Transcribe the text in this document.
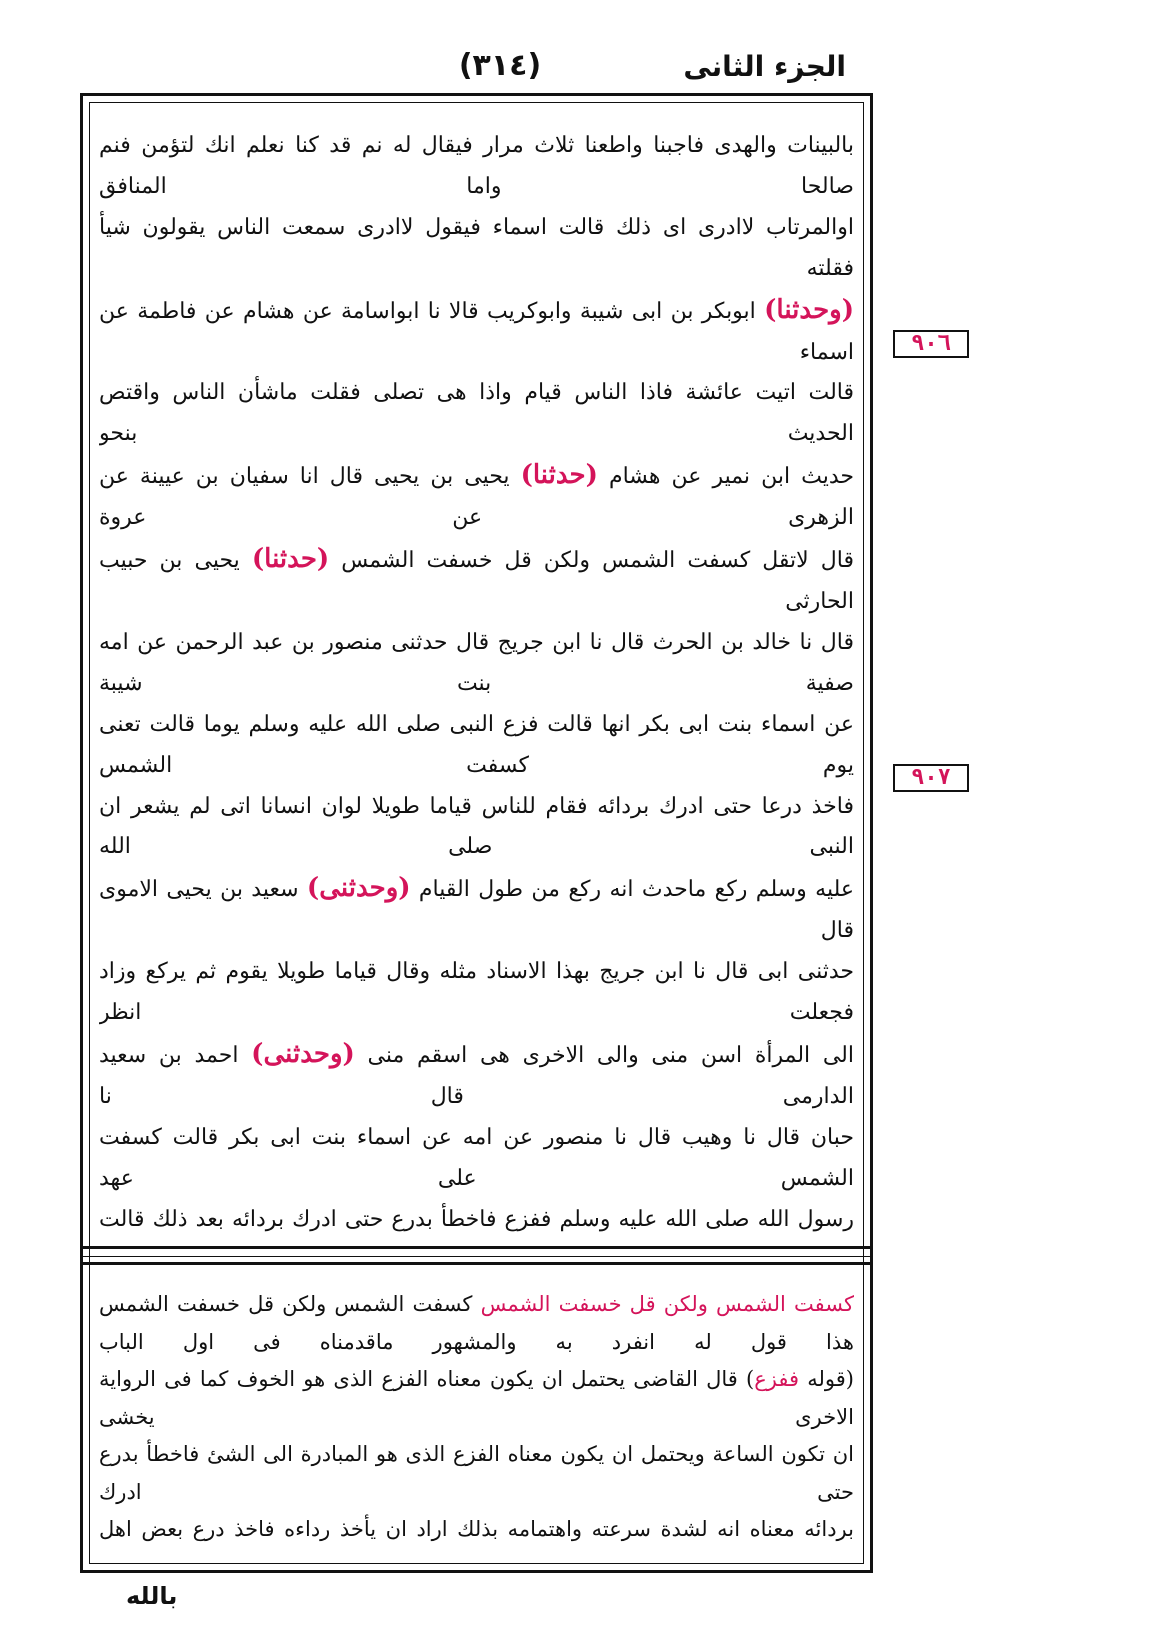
(٣١٤)	الجزء الثانى
٩٠٦
٩٠٧

بالبينات والهدى فاجبنا واطعنا ثلاث مرار فيقال له نم قد كنا نعلم انك لتؤمن فنم صالحا واما المنافق

اوالمرتاب لاادرى اى ذلك قالت اسماء فيقول لاادرى سمعت الناس يقولون شيأ فقلته

(وحدثنا) ابوبكر بن ابى شيبة وابوكريب قالا نا ابواسامة عن هشام عن فاطمة عن اسماء

قالت اتيت عائشة فاذا الناس قيام واذا هى تصلى فقلت ماشأن الناس واقتص الحديث بنحو

حديث ابن نمير عن هشام (حدثنا) يحيى بن يحيى قال انا سفيان بن عيينة عن الزهرى عن عروة

قال لاتقل كسفت الشمس ولكن قل خسفت الشمس (حدثنا) يحيى بن حبيب الحارثى

قال نا خالد بن الحرث قال نا ابن جريج قال حدثنى منصور بن عبد الرحمن عن امه صفية بنت شيبة

عن اسماء بنت ابى بكر انها قالت فزع النبى صلى الله عليه وسلم يوما قالت تعنى يوم كسفت الشمس

فاخذ درعا حتى ادرك بردائه فقام للناس قياما طويلا لوان انسانا اتى لم يشعر ان النبى صلى الله

عليه وسلم ركع ماحدث انه ركع من طول القيام (وحدثنى) سعيد بن يحيى الاموى قال

حدثنى ابى قال نا ابن جريج بهذا الاسناد مثله وقال قياما طويلا يقوم ثم يركع وزاد فجعلت انظر

الى المرأة اسن منى والى الاخرى هى اسقم منى (وحدثنى) احمد بن سعيد الدارمى قال نا

حبان قال نا وهيب قال نا منصور عن امه عن اسماء بنت ابى بكر قالت كسفت الشمس على عهد

رسول الله صلى الله عليه وسلم ففزع فاخطأ بدرع حتى ادرك بردائه بعد ذلك قالت

كسفت الشمس ولكن قل خسفت الشمس كسفت الشمس ولكن قل خسفت الشمس هذا قول له انفرد به والمشهور ماقدمناه فى اول الباب

(قوله ففزع) قال القاضى يحتمل ان يكون معناه الفزع الذى هو الخوف كما فى الرواية الاخرى يخشى

ان تكون الساعة ويحتمل ان يكون معناه الفزع الذى هو المبادرة الى الشئ فاخطأ بدرع حتى ادرك

بردائه معناه انه لشدة سرعته واهتمامه بذلك اراد ان يأخذ رداءه فاخذ درع بعض اهل

بالله
